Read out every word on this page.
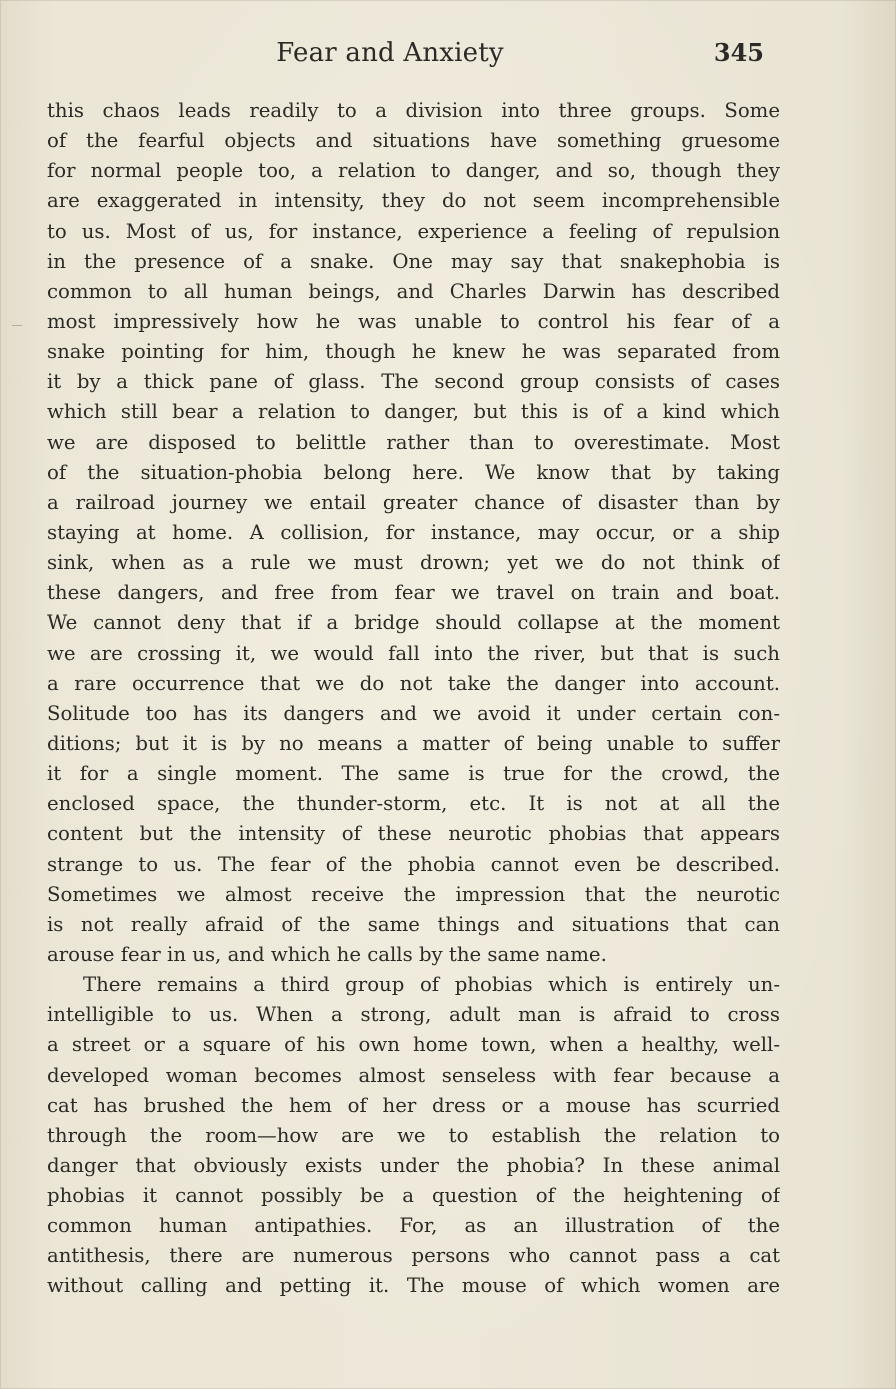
Fear and Anxiety	345
this chaos leads readily to a division into three groups. Some
of the fearful objects and situations have something gruesome
for normal people too, a relation to danger, and so, though they
are exaggerated in intensity, they do not seem incomprehensible
to us. Most of us, for instance, experience a feeling of repulsion
in the presence of a snake. One may say that snakephobia is
common to all human beings, and Charles Darwin has described
most impressively how he was unable to control his fear of a
snake pointing for him, though he knew he was separated from
it by a thick pane of glass. The second group consists of cases
which still bear a relation to danger, but this is of a kind which
we are disposed to belittle rather than to overestimate. Most
of the situation-phobia belong here. We know that by taking
a railroad journey we entail greater chance of disaster than by
staying at home. A collision, for instance, may occur, or a ship
sink, when as a rule we must drown; yet we do not think of
these dangers, and free from fear we travel on train and boat.
We cannot deny that if a bridge should collapse at the moment
we are crossing it, we would fall into the river, but that is such
a rare occurrence that we do not take the danger into account.
Solitude too has its dangers and we avoid it under certain con-
ditions; but it is by no means a matter of being unable to suffer
it for a single moment. The same is true for the crowd, the
enclosed space, the thunder-storm, etc. It is not at all the
content but the intensity of these neurotic phobias that appears
strange to us. The fear of the phobia cannot even be described.
Sometimes we almost receive the impression that the neurotic
is not really afraid of the same things and situations that can
arouse fear in us, and which he calls by the same name.
There remains a third group of phobias which is entirely un-
intelligible to us. When a strong, adult man is afraid to cross
a street or a square of his own home town, when a healthy, well-
developed woman becomes almost senseless with fear because a
cat has brushed the hem of her dress or a mouse has scurried
through the room—how are we to establish the relation to
danger that obviously exists under the phobia? In these animal
phobias it cannot possibly be a question of the heightening of
common human antipathies. For, as an illustration of the
antithesis, there are numerous persons who cannot pass a cat
without calling and petting it. The mouse of which women are
